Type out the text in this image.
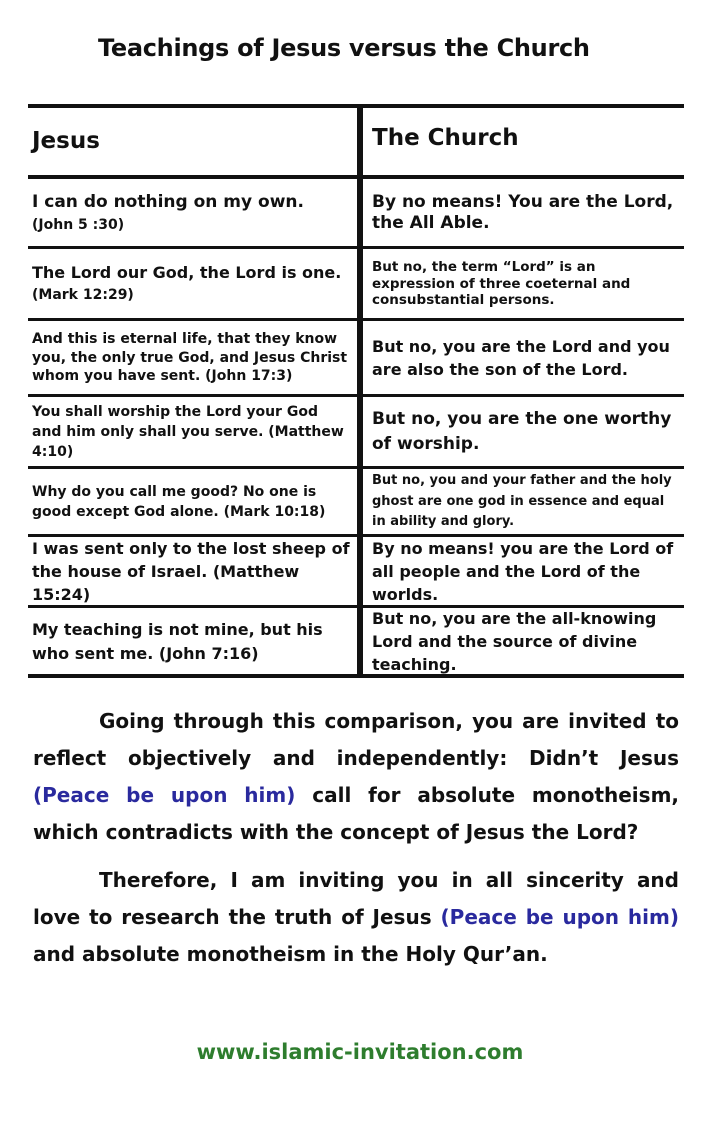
Teachings of Jesus versus the Church
Jesus	The Church
I can do nothing on my own.
(John 5 :30)
By no means! You are the Lord, the All Able.
The Lord our God, the Lord is one.
(Mark 12:29)
But no, the term “Lord” is an expression of three coeternal and consubstantial persons.
And this is eternal life, that they know you, the only true God, and Jesus Christ whom you have sent. (John 17:3)
But no, you are the Lord and you are also the son of the Lord.
You shall worship the Lord your God and him only shall you serve. (Matthew 4:10)
But no, you are the one worthy of worship.
Why do you call me good? No one is good except God alone. (Mark 10:18)
But no, you and your father and the holy ghost are one god in essence and equal in ability and glory.
I was sent only to the lost sheep of the house of Israel. (Matthew 15:24)
By no means! you are the Lord of all people and the Lord of the worlds.
My teaching is not mine, but his who sent me. (John 7:16)
But no, you are the all-knowing Lord and the source of divine teaching.
Going through this comparison, you are invited to reflect objectively and independently: Didn’t Jesus (Peace be upon him) call for absolute monotheism, which contradicts with the concept of Jesus the Lord?
Therefore, I am inviting you in all sincerity and love to research the truth of Jesus (Peace be upon him) and absolute monotheism in the Holy Qur’an.
www.islamic-invitation.com
